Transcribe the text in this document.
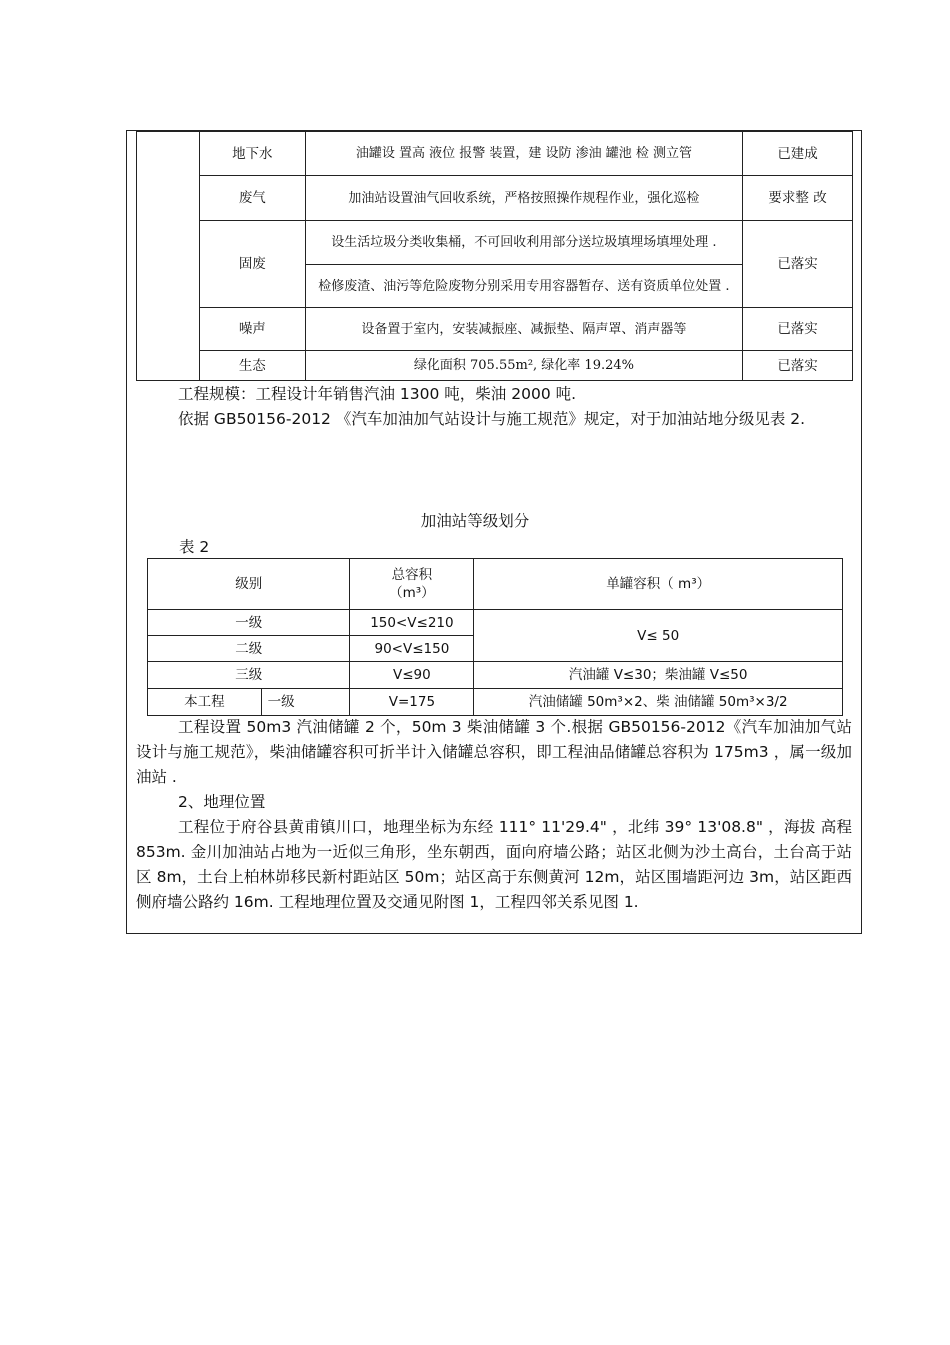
	地下水	油罐设 置高 液位 报警 装置，建 设防 渗油 罐池 检 测立管	已建成
	废气	加油站设置油气回收系统，严格按照操作规程作业，强化巡检	要求整 改
	固废	设生活垃圾分类收集桶，不可回收利用部分送垃圾填埋场填埋处理 .	已落实
		检修废渣、油污等危险废物分别采用专用容器暂存、送有资质单位处置 .	
	噪声	设备置于室内，安装减振座、减振垫、隔声罩、消声器等	已落实
	生态	绿化面积 705.55m², 绿化率 19.24%	已落实

工程规模：工程设计年销售汽油 1300 吨，柴油 2000 吨.

依据 GB50156-2012 《汽车加油加气站设计与施工规范》规定，对于加油站地分级见表 2.

加油站等级划分
表 2
级别		总容积（m³）	单罐容积（ m³）
一级		150<V≤210	V≤ 50
二级		90<V≤150	
三级		V≤90	汽油罐 V≤30；柴油罐 V≤50
本工程	一级	V=175	汽油储罐 50m³×2、柴 油储罐 50m³×3/2

工程设置 50m3 汽油储罐 2 个，50m 3 柴油储罐 3 个.根据 GB50156-2012《汽车加油加气站设计与施工规范》，柴油储罐容积可折半计入储罐总容积，即工程油品储罐总容积为 175m3 ，属一级加油站 .

2、地理位置

工程位于府谷县黄甫镇川口，地理坐标为东经 111° 11'29.4" ，北纬 39° 13'08.8" ，海拔 高程 853m. 金川加油站占地为一近似三角形，坐东朝西，面向府墙公路；站区北侧为沙土高台，土台高于站区 8m，土台上柏林峁移民新村距站区 50m；站区高于东侧黄河 12m，站区围墙距河边 3m，站区距西侧府墙公路约 16m. 工程地理位置及交通见附图 1，工程四邻关系见图 1.
